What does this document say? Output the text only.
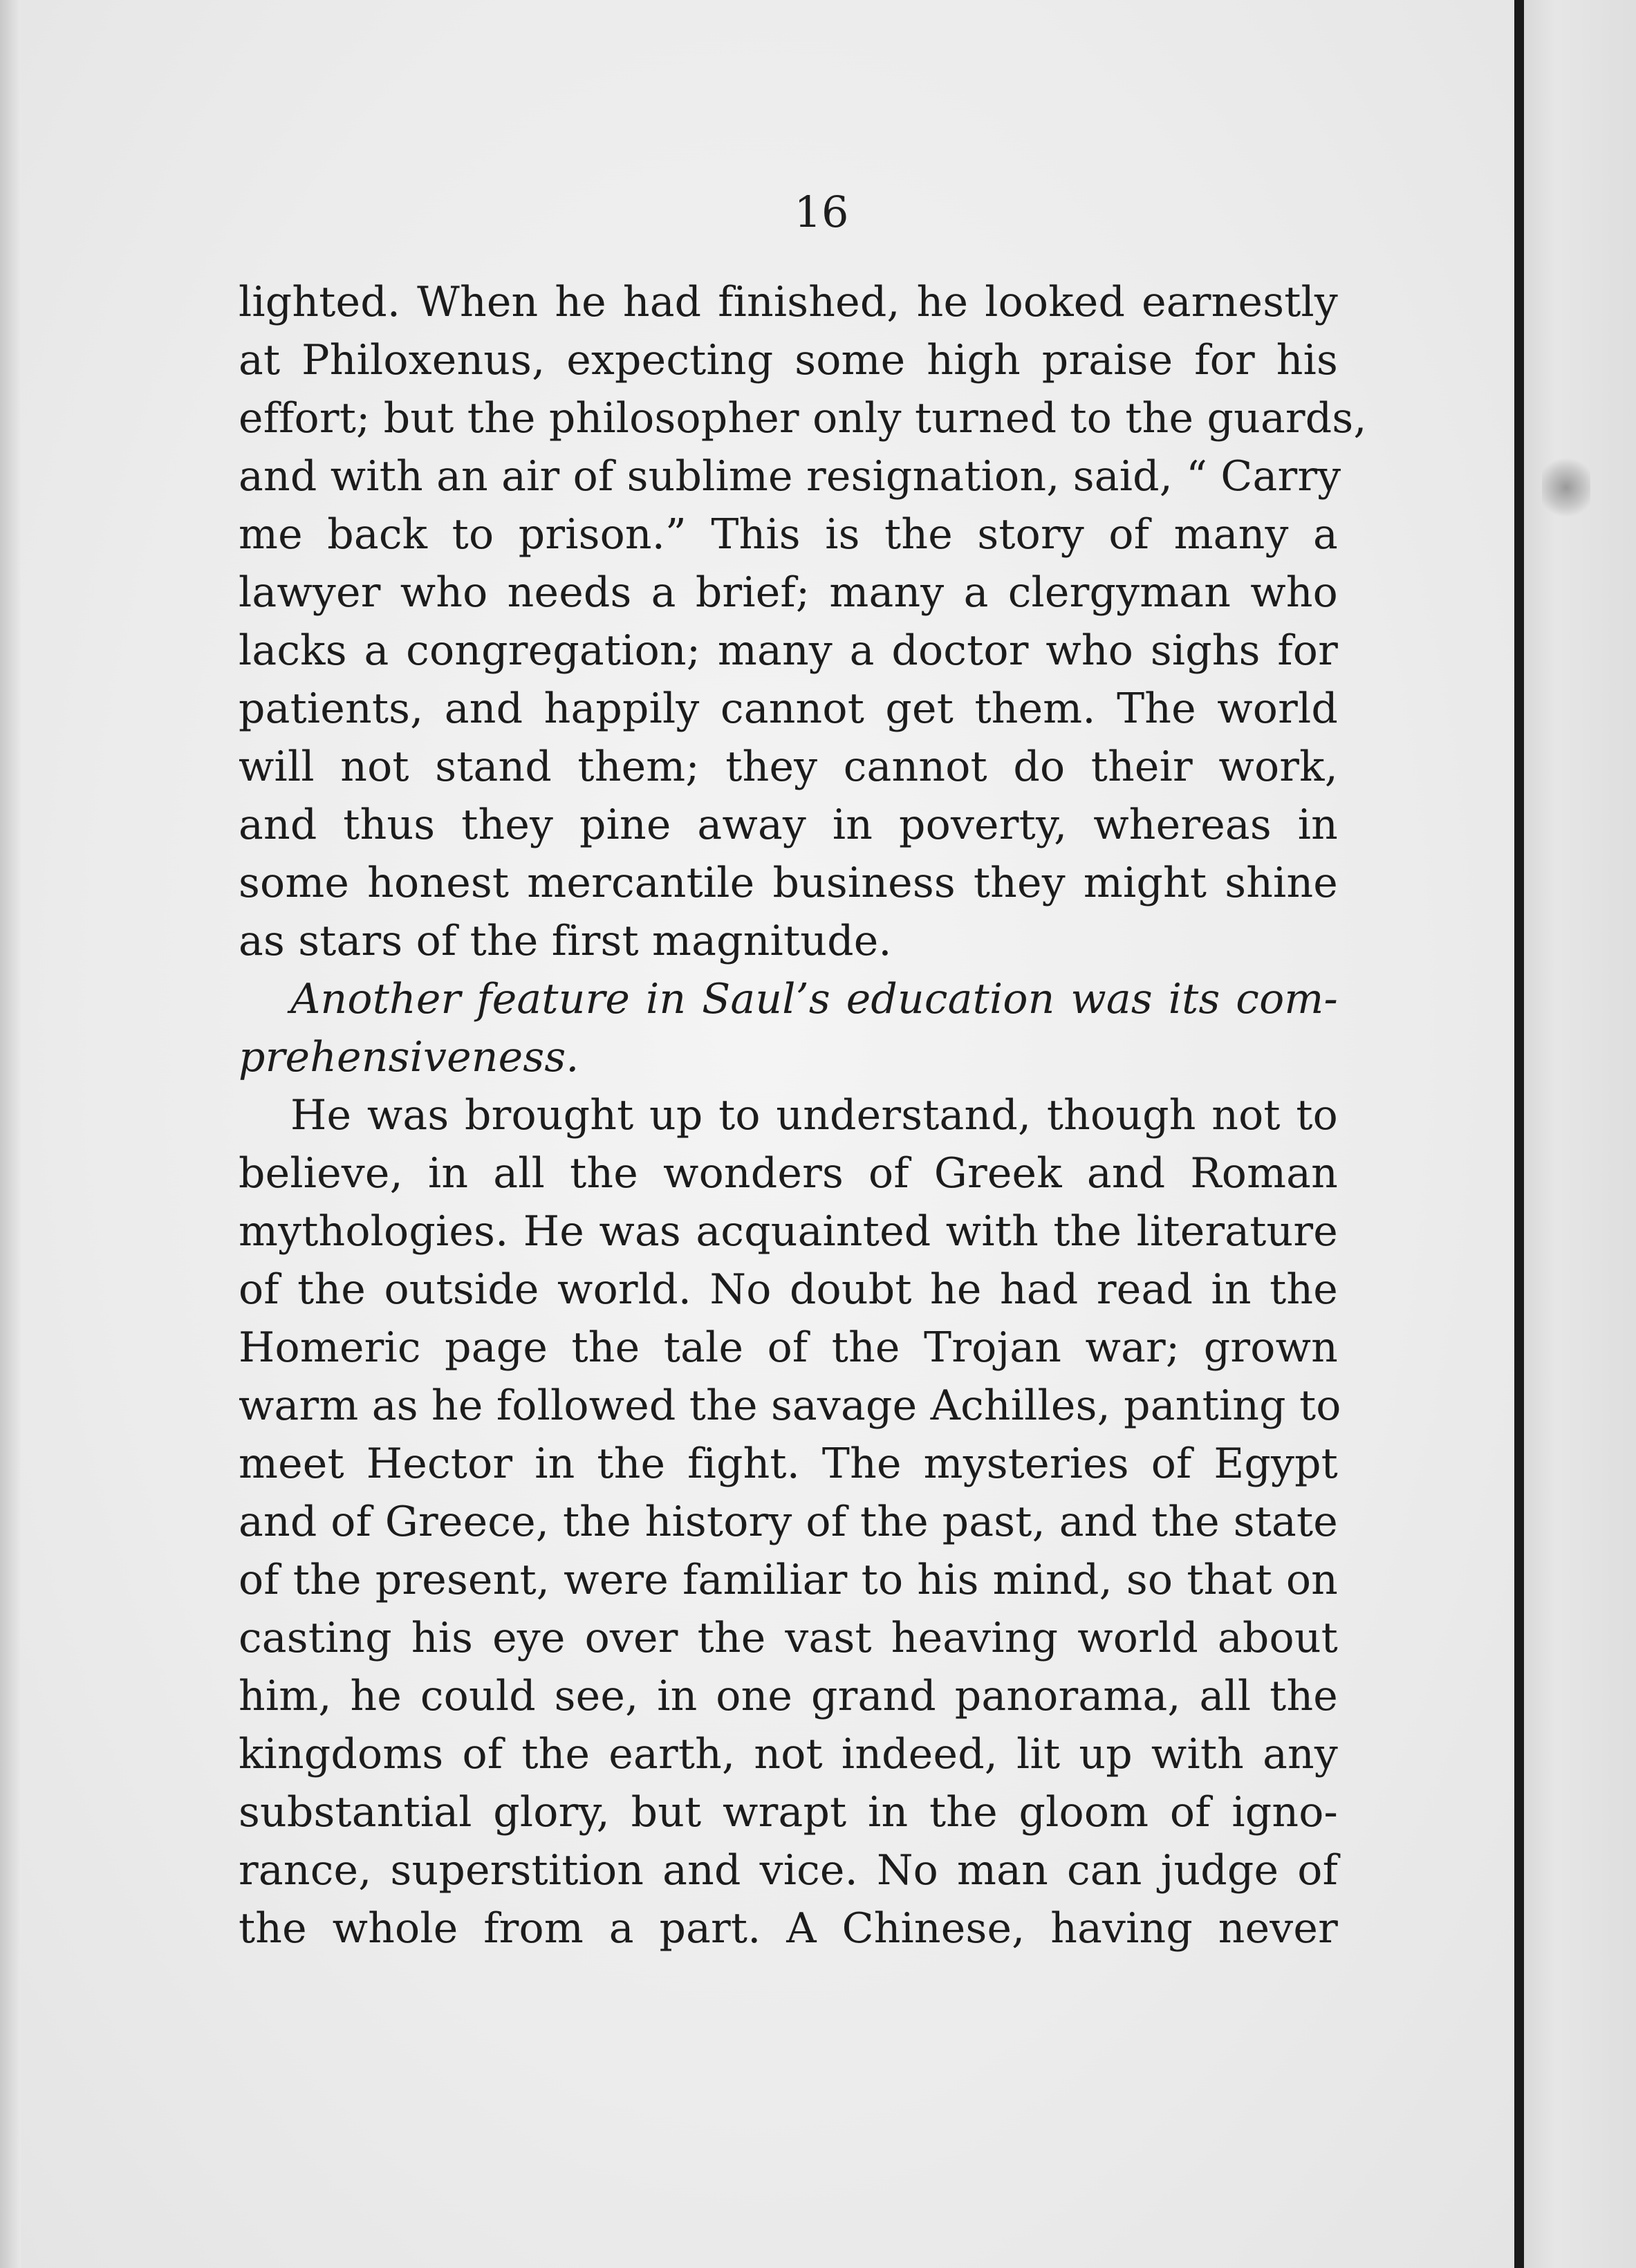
16
lighted. When he had finished, he looked earnestly
at Philoxenus, expecting some high praise for his
effort; but the philosopher only turned to the guards,
and with an air of sublime resignation, said, “ Carry
me back to prison.” This is the story of many a
lawyer who needs a brief; many a clergyman who
lacks a congregation; many a doctor who sighs for
patients, and happily cannot get them. The world
will not stand them; they cannot do their work,
and thus they pine away in poverty, whereas in
some honest mercantile business they might shine
as stars of the first magnitude.
Another feature in Saul’s education was its com-
prehensiveness.
He was brought up to understand, though not to
believe, in all the wonders of Greek and Roman
mythologies. He was acquainted with the literature
of the outside world. No doubt he had read in the
Homeric page the tale of the Trojan war; grown
warm as he followed the savage Achilles, panting to
meet Hector in the fight. The mysteries of Egypt
and of Greece, the history of the past, and the state
of the present, were familiar to his mind, so that on
casting his eye over the vast heaving world about
him, he could see, in one grand panorama, all the
kingdoms of the earth, not indeed, lit up with any
substantial glory, but wrapt in the gloom of igno-
rance, superstition and vice. No man can judge of
the whole from a part. A Chinese, having never
